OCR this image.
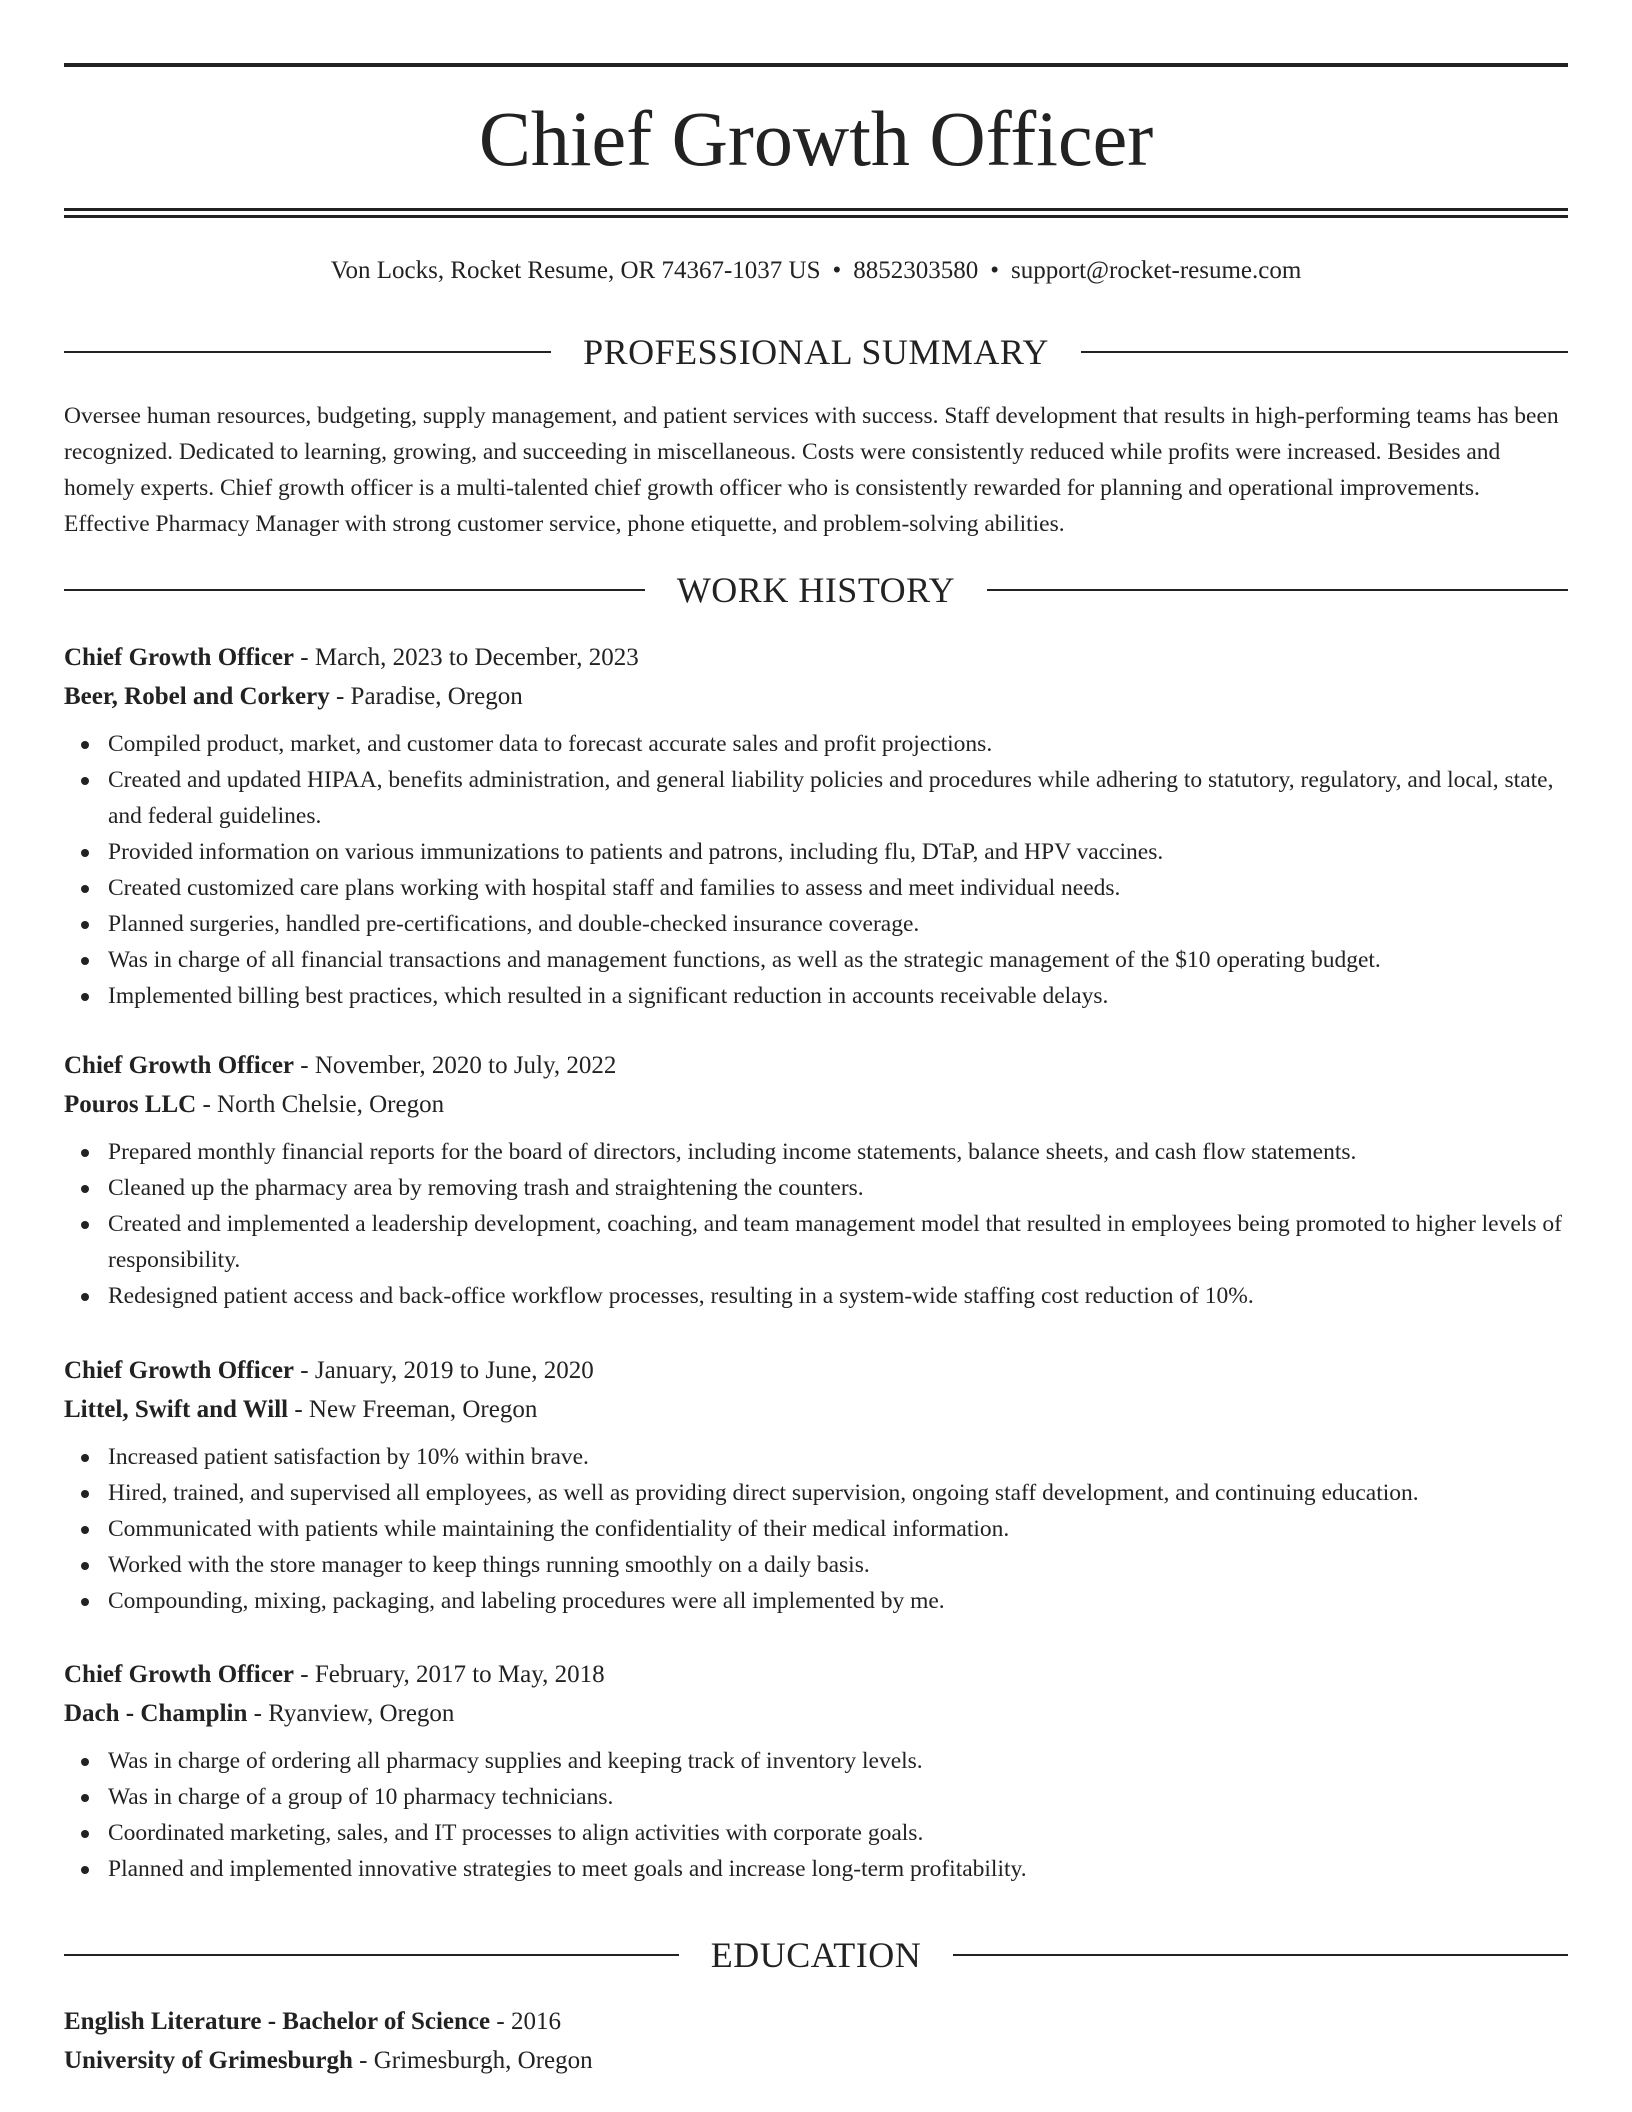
Chief Growth Officer
Von Locks, Rocket Resume, OR 74367-1037 US • 8852303580 • support@rocket-resume.com
PROFESSIONAL SUMMARY

Oversee human resources, budgeting, supply management, and patient services with success. Staff development that results in high-performing teams has been recognized. Dedicated to learning, growing, and succeeding in miscellaneous. Costs were consistently reduced while profits were increased. Besides and homely experts. Chief growth officer is a multi-talented chief growth officer who is consistently rewarded for planning and operational improvements. Effective Pharmacy Manager with strong customer service, phone etiquette, and problem-solving abilities.

WORK HISTORY
Chief Growth Officer - March, 2023 to December, 2023
Beer, Robel and Corkery - Paradise, Oregon
Compiled product, market, and customer data to forecast accurate sales and profit projections.
Created and updated HIPAA, benefits administration, and general liability policies and procedures while adhering to statutory, regulatory, and local, state, and federal guidelines.
Provided information on various immunizations to patients and patrons, including flu, DTaP, and HPV vaccines.
Created customized care plans working with hospital staff and families to assess and meet individual needs.
Planned surgeries, handled pre-certifications, and double-checked insurance coverage.
Was in charge of all financial transactions and management functions, as well as the strategic management of the $10 operating budget.
Implemented billing best practices, which resulted in a significant reduction in accounts receivable delays.
Chief Growth Officer - November, 2020 to July, 2022
Pouros LLC - North Chelsie, Oregon
Prepared monthly financial reports for the board of directors, including income statements, balance sheets, and cash flow statements.
Cleaned up the pharmacy area by removing trash and straightening the counters.
Created and implemented a leadership development, coaching, and team management model that resulted in employees being promoted to higher levels of responsibility.
Redesigned patient access and back-office workflow processes, resulting in a system-wide staffing cost reduction of 10%.
Chief Growth Officer - January, 2019 to June, 2020
Littel, Swift and Will - New Freeman, Oregon
Increased patient satisfaction by 10% within brave.
Hired, trained, and supervised all employees, as well as providing direct supervision, ongoing staff development, and continuing education.
Communicated with patients while maintaining the confidentiality of their medical information.
Worked with the store manager to keep things running smoothly on a daily basis.
Compounding, mixing, packaging, and labeling procedures were all implemented by me.
Chief Growth Officer - February, 2017 to May, 2018
Dach - Champlin - Ryanview, Oregon
Was in charge of ordering all pharmacy supplies and keeping track of inventory levels.
Was in charge of a group of 10 pharmacy technicians.
Coordinated marketing, sales, and IT processes to align activities with corporate goals.
Planned and implemented innovative strategies to meet goals and increase long-term profitability.
EDUCATION
English Literature - Bachelor of Science - 2016
University of Grimesburgh - Grimesburgh, Oregon
